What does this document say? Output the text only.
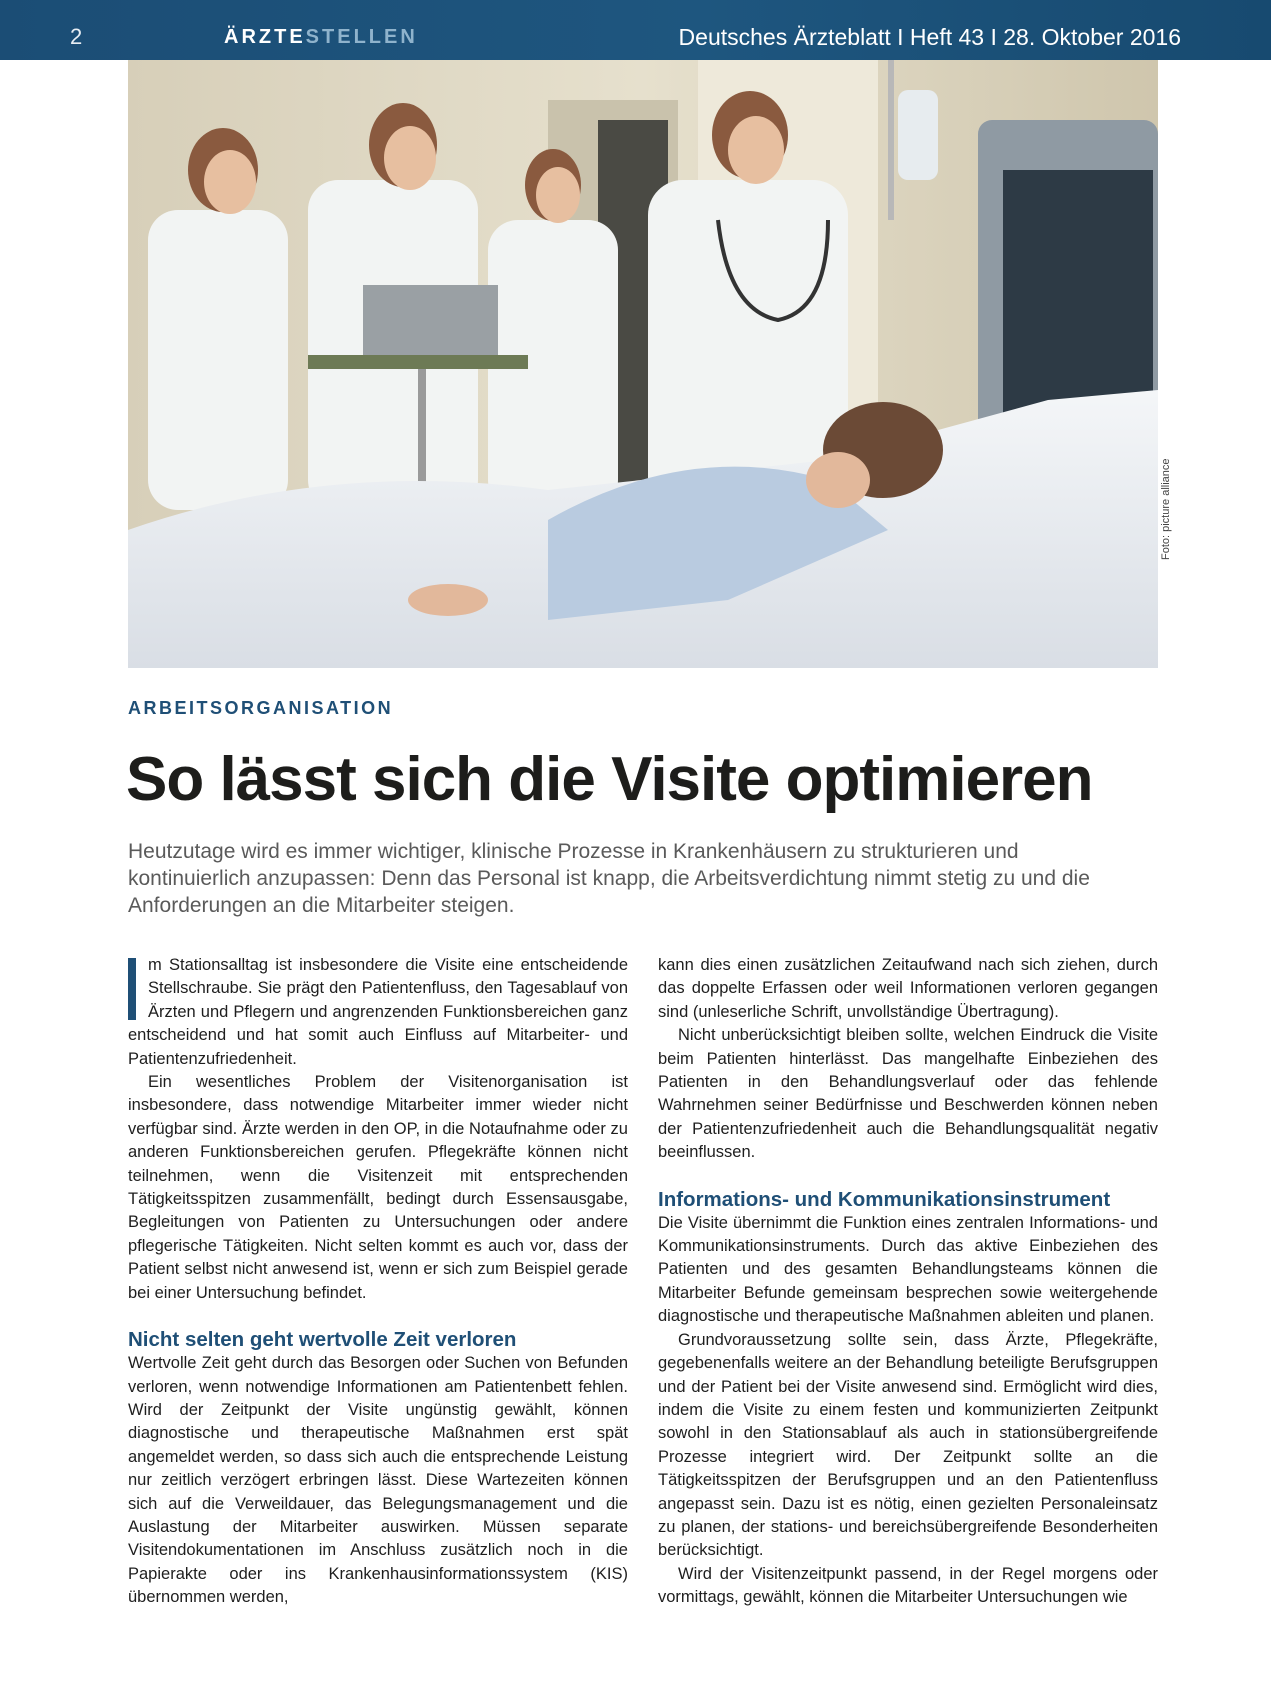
2	ÄRZTESTELLEN	Deutsches Ärzteblatt I Heft 43 I 28. Oktober 2016
Foto: picture alliance
ARBEITSORGANISATION
So lässt sich die Visite optimieren
Heutzutage wird es immer wichtiger, klinische Prozesse in Krankenhäusern zu strukturieren und kontinuierlich anzupassen: Denn das Personal ist knapp, die Arbeitsverdichtung nimmt stetig zu und die Anforderungen an die Mitarbeiter steigen.

m Stationsalltag ist insbesondere die Visite eine entscheidende Stellschraube. Sie prägt den Patientenfluss, den Tagesablauf von Ärzten und Pflegern und angrenzenden Funktionsbereichen ganz entscheidend und hat somit auch Einfluss auf Mitarbeiter- und Patientenzufriedenheit.

Ein wesentliches Problem der Visitenorganisation ist insbesondere, dass notwendige Mitarbeiter immer wieder nicht verfügbar sind. Ärzte werden in den OP, in die Notaufnahme oder zu anderen Funktionsbereichen gerufen. Pflegekräfte können nicht teilnehmen, wenn die Visitenzeit mit entsprechenden Tätigkeitsspitzen zusammenfällt, bedingt durch Essensausgabe, Begleitungen von Patienten zu Untersuchungen oder andere pflegerische Tätigkeiten. Nicht selten kommt es auch vor, dass der Patient selbst nicht anwesend ist, wenn er sich zum Beispiel gerade bei einer Untersuchung befindet.

Nicht selten geht wertvolle Zeit verloren

Wertvolle Zeit geht durch das Besorgen oder Suchen von Befunden verloren, wenn notwendige Informationen am Patientenbett fehlen. Wird der Zeitpunkt der Visite ungünstig gewählt, können diagnostische und therapeutische Maßnahmen erst spät angemeldet werden, so dass sich auch die entsprechende Leistung nur zeitlich verzögert erbringen lässt. Diese Wartezeiten können sich auf die Verweildauer, das Belegungsmanagement und die Auslastung der Mitarbeiter auswirken. Müssen separate Visitendokumentationen im Anschluss zusätzlich noch in die Papierakte oder ins Krankenhausinformationssystem (KIS) übernommen werden,

kann dies einen zusätzlichen Zeitaufwand nach sich ziehen, durch das doppelte Erfassen oder weil Informationen verloren gegangen sind (unleserliche Schrift, unvollständige Übertragung).

Nicht unberücksichtigt bleiben sollte, welchen Eindruck die Visite beim Patienten hinterlässt. Das mangelhafte Einbeziehen des Patienten in den Behandlungsverlauf oder das fehlende Wahrnehmen seiner Bedürfnisse und Beschwerden können neben der Patientenzufriedenheit auch die Behandlungsqualität negativ beeinflussen.

Informations- und Kommunikationsinstrument

Die Visite übernimmt die Funktion eines zentralen Informations- und Kommunikationsinstruments. Durch das aktive Einbeziehen des Patienten und des gesamten Behandlungsteams können die Mitarbeiter Befunde gemeinsam besprechen sowie weitergehende diagnostische und therapeutische Maßnahmen ableiten und planen.

Grundvoraussetzung sollte sein, dass Ärzte, Pflegekräfte, gegebenenfalls weitere an der Behandlung beteiligte Berufsgruppen und der Patient bei der Visite anwesend sind. Ermöglicht wird dies, indem die Visite zu einem festen und kommunizierten Zeitpunkt sowohl in den Stationsablauf als auch in stationsübergreifende Prozesse integriert wird. Der Zeitpunkt sollte an die Tätigkeitsspitzen der Berufsgruppen und an den Patientenfluss angepasst sein. Dazu ist es nötig, einen gezielten Personaleinsatz zu planen, der stations- und bereichsübergreifende Besonderheiten berücksichtigt.

Wird der Visitenzeitpunkt passend, in der Regel morgens oder vormittags, gewählt, können die Mitarbeiter Untersuchungen wie
